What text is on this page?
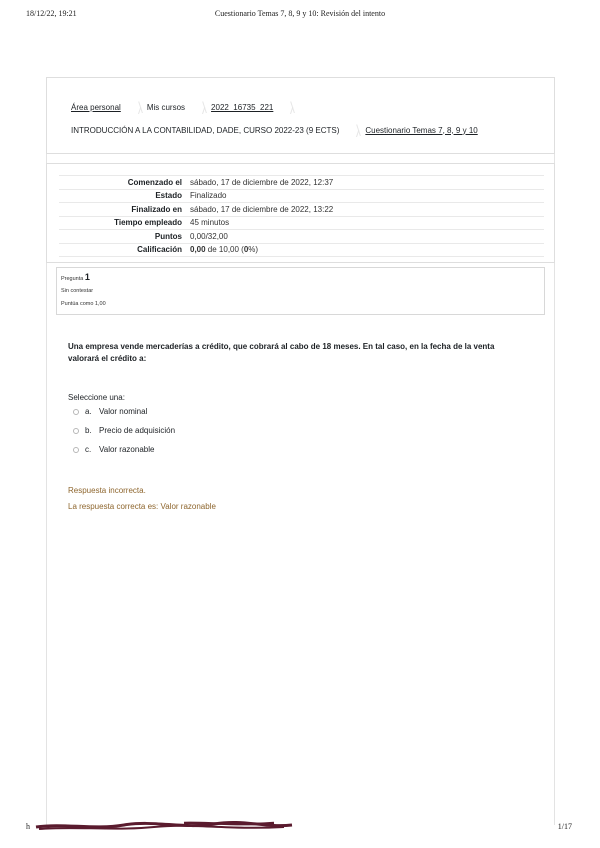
18/12/22, 19:21	Cuestionario Temas 7, 8, 9 y 10: Revisión del intento
Área personal	Mis cursos	2022_16735_221
INTRODUCCIÓN A LA CONTABILIDAD, DADE, CURSO 2022-23 (9 ECTS)	Cuestionario Temas 7, 8, 9 y 10
Comenzado el	sábado, 17 de diciembre de 2022, 12:37
Estado	Finalizado
Finalizado en	sábado, 17 de diciembre de 2022, 13:22
Tiempo empleado	45 minutos
Puntos	0,00/32,00
Calificación	0,00 de 10,00 (0%)
Pregunta 1
Sin contestar
Puntúa como 1,00
Una empresa vende mercaderías a crédito, que cobrará al cabo de 18 meses. En tal caso, en la fecha de la venta valorará el crédito a:
Seleccione una:
a. Valor nominal
b. Precio de adquisición
c. Valor razonable
Respuesta incorrecta.
La respuesta correcta es: Valor razonable
h	1/17
